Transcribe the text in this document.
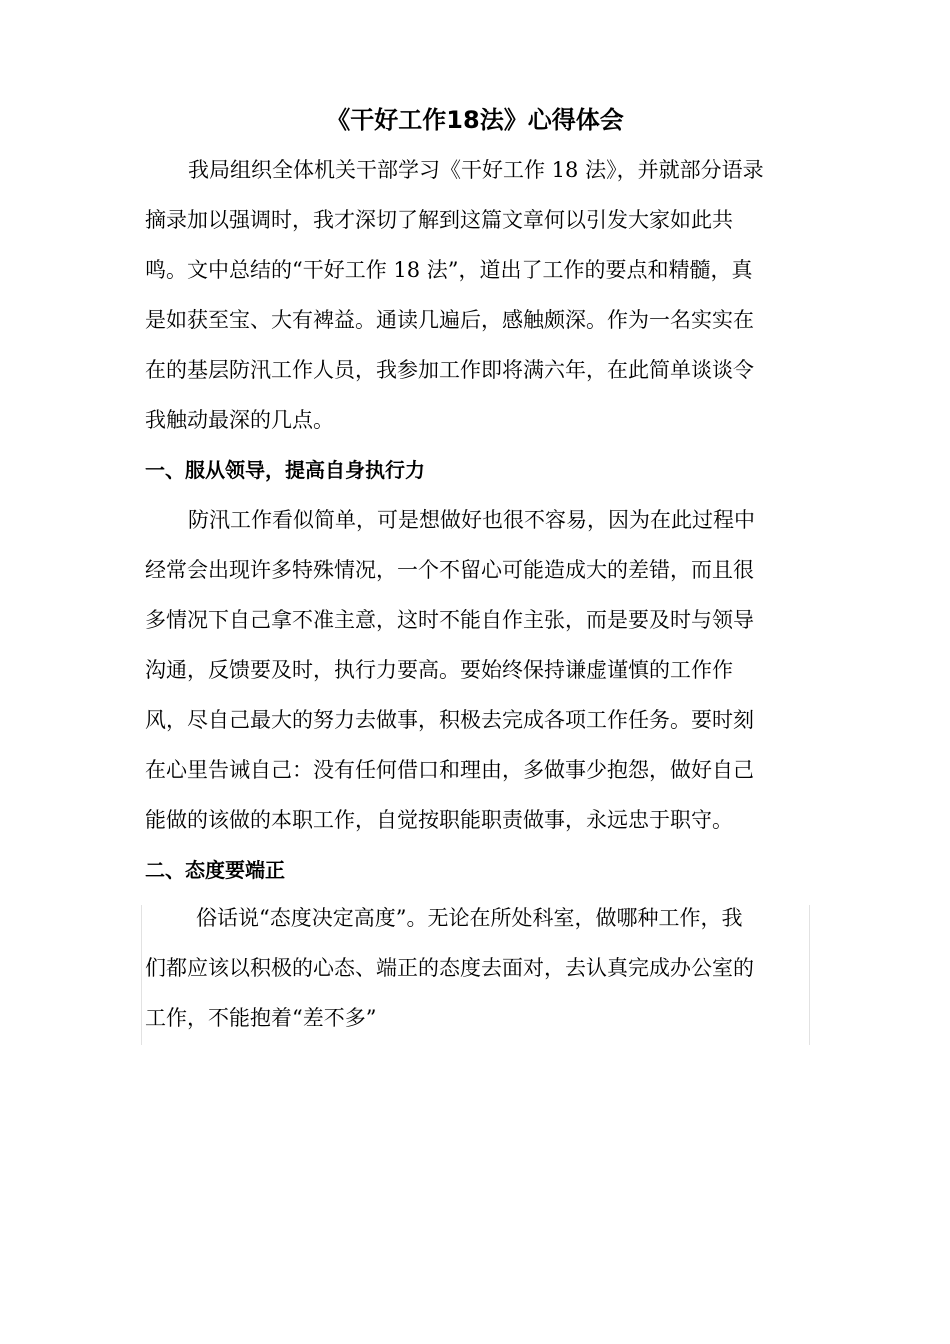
《干好工作18法》心得体会

我局组织全体机关干部学习《干好工作 18 法》，并就部分语录

摘录加以强调时，我才深切了解到这篇文章何以引发大家如此共

鸣。文中总结的“干好工作 18 法”，道出了工作的要点和精髓，真

是如获至宝、大有裨益。通读几遍后，感触颇深。作为一名实实在

在的基层防汛工作人员，我参加工作即将满六年，在此简单谈谈令

我触动最深的几点。

一、服从领导，提高自身执行力

防汛工作看似简单，可是想做好也很不容易，因为在此过程中

经常会出现许多特殊情况，一个不留心可能造成大的差错，而且很

多情况下自己拿不准主意，这时不能自作主张，而是要及时与领导

沟通，反馈要及时，执行力要高。要始终保持谦虚谨慎的工作作

风，尽自己最大的努力去做事，积极去完成各项工作任务。要时刻

在心里告诫自己：没有任何借口和理由，多做事少抱怨，做好自己

能做的该做的本职工作，自觉按职能职责做事，永远忠于职守。

二、态度要端正

俗话说“态度决定高度”。无论在所处科室，做哪种工作，我

们都应该以积极的心态、端正的态度去面对，去认真完成办公室的

工作，不能抱着“差不多”
